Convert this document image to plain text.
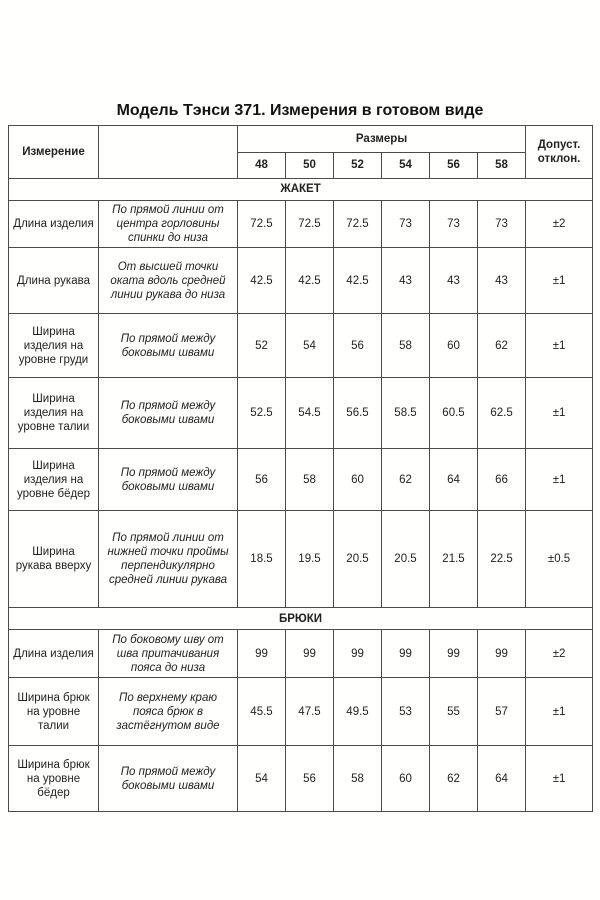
Модель Тэнси 371. Измерения в готовом виде
Измерение		Размеры						Допуст. отклон.
		48	50	52	54	56	58	
ЖАКЕТ								
Длина изделия	По прямой линии от центра горловины спинки до низа	72.5	72.5	72.5	73	73	73	±2
Длина рукава	От высшей точки оката вдоль средней линии рукава до низа	42.5	42.5	42.5	43	43	43	±1
Ширина изделия на уровне груди	По прямой между боковыми швами	52	54	56	58	60	62	±1
Ширина изделия на уровне талии	По прямой между боковыми швами	52.5	54.5	56.5	58.5	60.5	62.5	±1
Ширина изделия на уровне бёдер	По прямой между боковыми швами	56	58	60	62	64	66	±1
Ширина рукава вверху	По прямой линии от нижней точки проймы перпендикулярно средней линии рукава	18.5	19.5	20.5	20.5	21.5	22.5	±0.5
БРЮКИ								
Длина изделия	По боковому шву от шва притачивания пояса до низа	99	99	99	99	99	99	±2
Ширина брюк на уровне талии	По верхнему краю пояса брюк в застёгнутом виде	45.5	47.5	49.5	53	55	57	±1
Ширина брюк на уровне бёдер	По прямой между боковыми швами	54	56	58	60	62	64	±1
